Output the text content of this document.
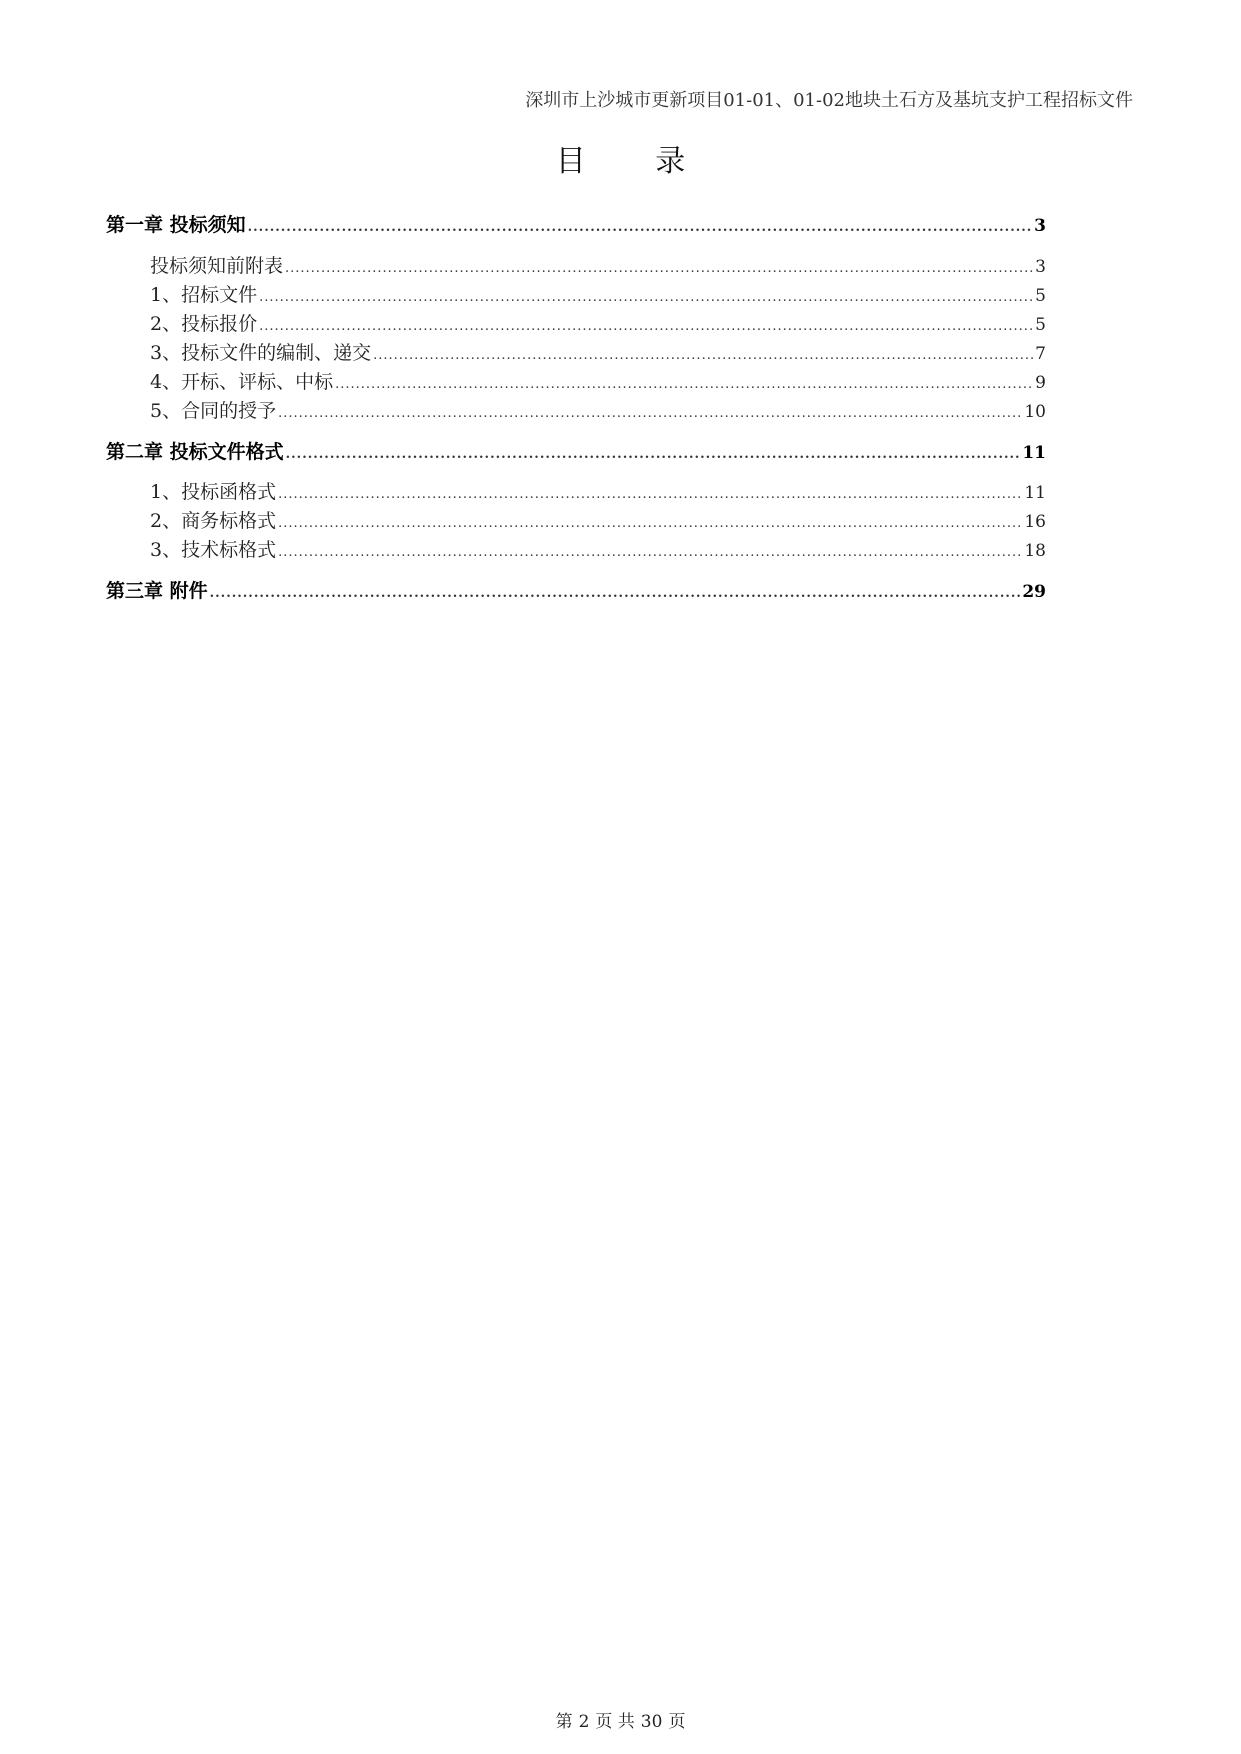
深圳市上沙城市更新项目01-01、01-02地块土石方及基坑支护工程招标文件
目 录
第一章 投标须知 .....	3
投标须知前附表 .....	3
1、招标文件 .....	5
2、投标报价 .....	5
3、投标文件的编制、递交 .....	7
4、开标、评标、中标 .....	9
5、合同的授予 .....	10
第二章 投标文件格式 .....	11
1、投标函格式 .....	11
2、商务标格式 .....	16
3、技术标格式 .....	18
第三章 附件 .....	29
第 2 页 共 30 页
